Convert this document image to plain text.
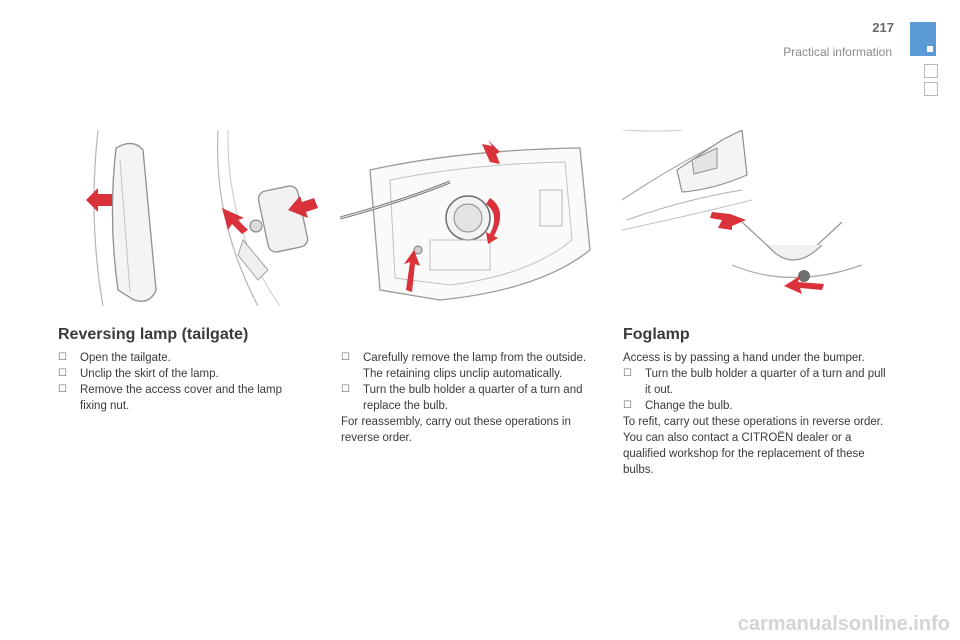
217
Practical information
Reversing lamp (tailgate)
☐ Open the tailgate.
☐ Unclip the skirt of the lamp.
☐ Remove the access cover and the lamp fixing nut.
☐ Carefully remove the lamp from the outside. The retaining clips unclip automatically.
☐ Turn the bulb holder a quarter of a turn and replace the bulb.

For reassembly, carry out these operations in reverse order.

Foglamp

Access is by passing a hand under the bumper.

☐ Turn the bulb holder a quarter of a turn and pull it out.
☐ Change the bulb.

To refit, carry out these operations in reverse order.

You can also contact a CITROËN dealer or a qualified workshop for the replacement of these bulbs.

carmanualsonline.info
